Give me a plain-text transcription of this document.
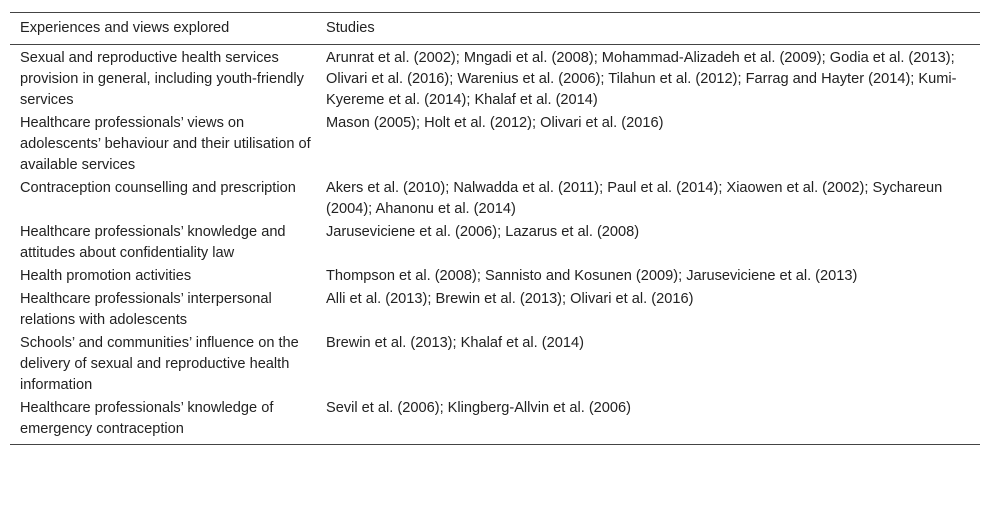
Experiences and views explored	Studies
Sexual and reproductive health services provision in general, including youth-friendly services	Arunrat et al. (2002); Mngadi et al. (2008); Mohammad-Alizadeh et al. (2009); Godia et al. (2013); Olivari et al. (2016); Warenius et al. (2006); Tilahun et al. (2012); Farrag and Hayter (2014); Kumi-Kyereme et al. (2014); Khalaf et al. (2014)
Healthcare professionals’ views on adolescents’ behaviour and their utilisation of available services	Mason (2005); Holt et al. (2012); Olivari et al. (2016)
Contraception counselling and prescription	Akers et al. (2010); Nalwadda et al. (2011); Paul et al. (2014); Xiaowen et al. (2002); Sychareun (2004); Ahanonu et al. (2014)
Healthcare professionals’ knowledge and attitudes about confidentiality law	Jaruseviciene et al. (2006); Lazarus et al. (2008)
Health promotion activities	Thompson et al. (2008); Sannisto and Kosunen (2009); Jaruseviciene et al. (2013)
Healthcare professionals’ interpersonal relations with adolescents	Alli et al. (2013); Brewin et al. (2013); Olivari et al. (2016)
Schools’ and communities’ influence on the delivery of sexual and reproductive health information	Brewin et al. (2013); Khalaf et al. (2014)
Healthcare professionals’ knowledge of emergency contraception	Sevil et al. (2006); Klingberg-Allvin et al. (2006)
